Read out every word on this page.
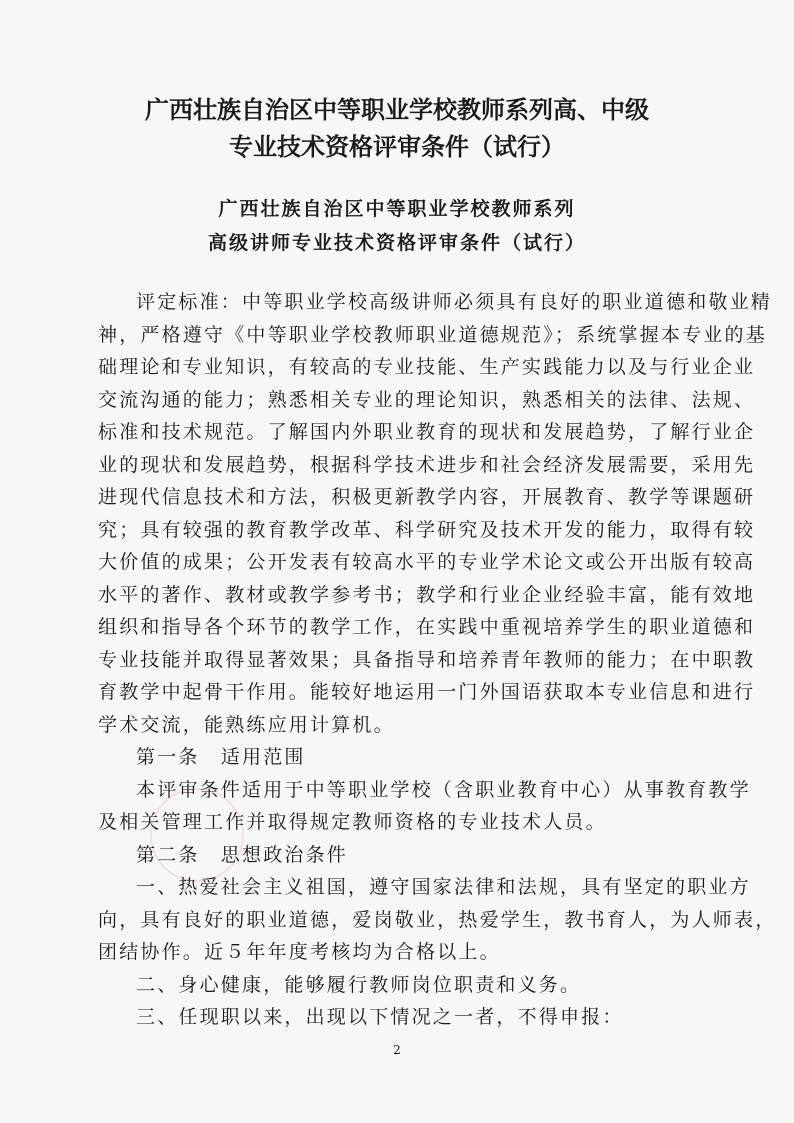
广西壮族自治区中等职业学校教师系列高、中级
专业技术资格评审条件（试行）
广西壮族自治区中等职业学校教师系列
高级讲师专业技术资格评审条件（试行）
评定标准：中等职业学校高级讲师必须具有良好的职业道德和敬业精
神，严格遵守《中等职业学校教师职业道德规范》；系统掌握本专业的基
础理论和专业知识，有较高的专业技能、生产实践能力以及与行业企业
交流沟通的能力；熟悉相关专业的理论知识，熟悉相关的法律、法规、
标准和技术规范。了解国内外职业教育的现状和发展趋势，了解行业企
业的现状和发展趋势，根据科学技术进步和社会经济发展需要，采用先
进现代信息技术和方法，积极更新教学内容，开展教育、教学等课题研
究；具有较强的教育教学改革、科学研究及技术开发的能力，取得有较
大价值的成果；公开发表有较高水平的专业学术论文或公开出版有较高
水平的著作、教材或教学参考书；教学和行业企业经验丰富，能有效地
组织和指导各个环节的教学工作，在实践中重视培养学生的职业道德和
专业技能并取得显著效果；具备指导和培养青年教师的能力；在中职教
育教学中起骨干作用。能较好地运用一门外国语获取本专业信息和进行
学术交流，能熟练应用计算机。
第一条　适用范围
本评审条件适用于中等职业学校（含职业教育中心）从事教育教学
及相关管理工作并取得规定教师资格的专业技术人员。
第二条　思想政治条件
一、热爱社会主义祖国，遵守国家法律和法规，具有坚定的职业方
向，具有良好的职业道德，爱岗敬业，热爱学生，教书育人，为人师表，
团结协作。近５年年度考核均为合格以上。
二、身心健康，能够履行教师岗位职责和义务。
三、任现职以来，出现以下情况之一者，不得申报：
2
